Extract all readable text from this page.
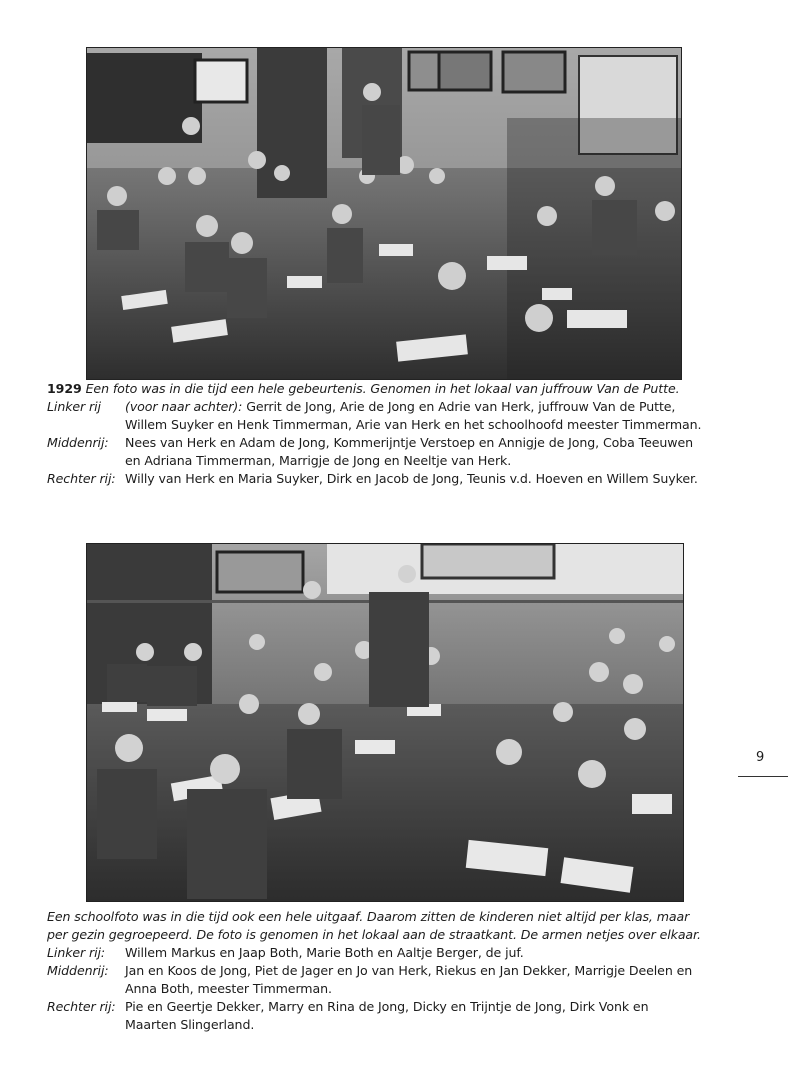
1929 Een foto was in die tijd een hele gebeurtenis. Genomen in het lokaal van juffrouw Van de Putte.
Linker rij (voor naar achter): Gerrit de Jong, Arie de Jong en Adrie van Herk, juffrouw Van de Putte,
Willem Suyker en Henk Timmerman, Arie van Herk en het schoolhoofd meester Timmerman.
Middenrij: Nees van Herk en Adam de Jong, Kommerijntje Verstoep en Annigje de Jong, Coba Teeuwen
en Adriana Timmerman, Marrigje de Jong en Neeltje van Herk.
Rechter rij: Willy van Herk en Maria Suyker, Dirk en Jacob de Jong, Teunis v.d. Hoeven en Willem Suyker.
Een schoolfoto was in die tijd ook een hele uitgaaf. Daarom zitten de kinderen niet altijd per klas, maar
per gezin gegroepeerd. De foto is genomen in het lokaal aan de straatkant. De armen netjes over elkaar.
Linker rij: Willem Markus en Jaap Both, Marie Both en Aaltje Berger, de juf.
Middenrij: Jan en Koos de Jong, Piet de Jager en Jo van Herk, Riekus en Jan Dekker, Marrigje Deelen en
Anna Both, meester Timmerman.
Rechter rij: Pie en Geertje Dekker, Marry en Rina de Jong, Dicky en Trijntje de Jong, Dirk Vonk en
Maarten Slingerland.
9
